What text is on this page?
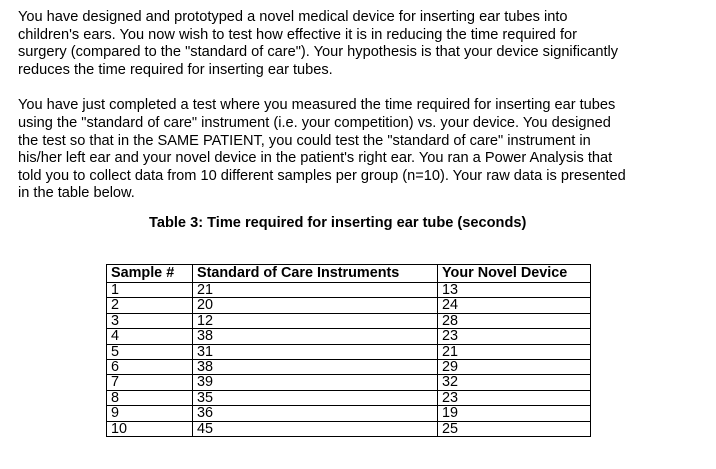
You have designed and prototyped a novel medical device for inserting ear tubes into
children's ears. You now wish to test how effective it is in reducing the time required for
surgery (compared to the "standard of care"). Your hypothesis is that your device significantly
reduces the time required for inserting ear tubes.

You have just completed a test where you measured the time required for inserting ear tubes
using the "standard of care" instrument (i.e. your competition) vs. your device. You designed
the test so that in the SAME PATIENT, you could test the "standard of care" instrument in
his/her left ear and your novel device in the patient's right ear. You ran a Power Analysis that
told you to collect data from 10 different samples per group (n=10). Your raw data is presented
in the table below.

Table 3: Time required for inserting ear tube (seconds)

Sample #	Standard of Care Instruments	Your Novel Device
1	21	13
2	20	24
3	12	28
4	38	23
5	31	21
6	38	29
7	39	32
8	35	23
9	36	19
10	45	25
